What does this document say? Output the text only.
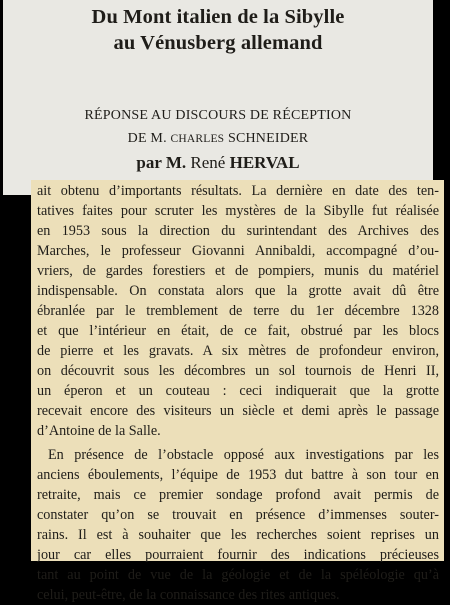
Du Mont italien de la Sibylle
au Vénusberg allemand
RÉPONSE AU DISCOURS DE RÉCEPTION
DE M. CHARLES SCHNEIDER
par M. René HERVAL
ait obtenu d’importants résultats. La dernière en date des ten-
tatives faites pour scruter les mystères de la Sibylle fut réalisée
en 1953 sous la direction du surintendant des Archives des
Marches, le professeur Giovanni Annibaldi, accompagné d’ou-
vriers, de gardes forestiers et de pompiers, munis du matériel
indispensable. On constata alors que la grotte avait dû être
ébranlée par le tremblement de terre du 1er décembre 1328
et que l’intérieur en était, de ce fait, obstrué par les blocs
de pierre et les gravats. A six mètres de profondeur environ,
on découvrit sous les décombres un sol tournois de Henri II,
un éperon et un couteau : ceci indiquerait que la grotte
recevait encore des visiteurs un siècle et demi après le passage
d’Antoine de la Salle.
En présence de l’obstacle opposé aux investigations par les
anciens éboulements, l’équipe de 1953 dut battre à son tour en
retraite, mais ce premier sondage profond avait permis de
constater qu’on se trouvait en présence d’immenses souter-
rains. Il est à souhaiter que les recherches soient reprises un
jour car elles pourraient fournir des indications précieuses
tant au point de vue de la géologie et de la spéléologie qu’à
celui, peut-être, de la connaissance des rites antiques.
